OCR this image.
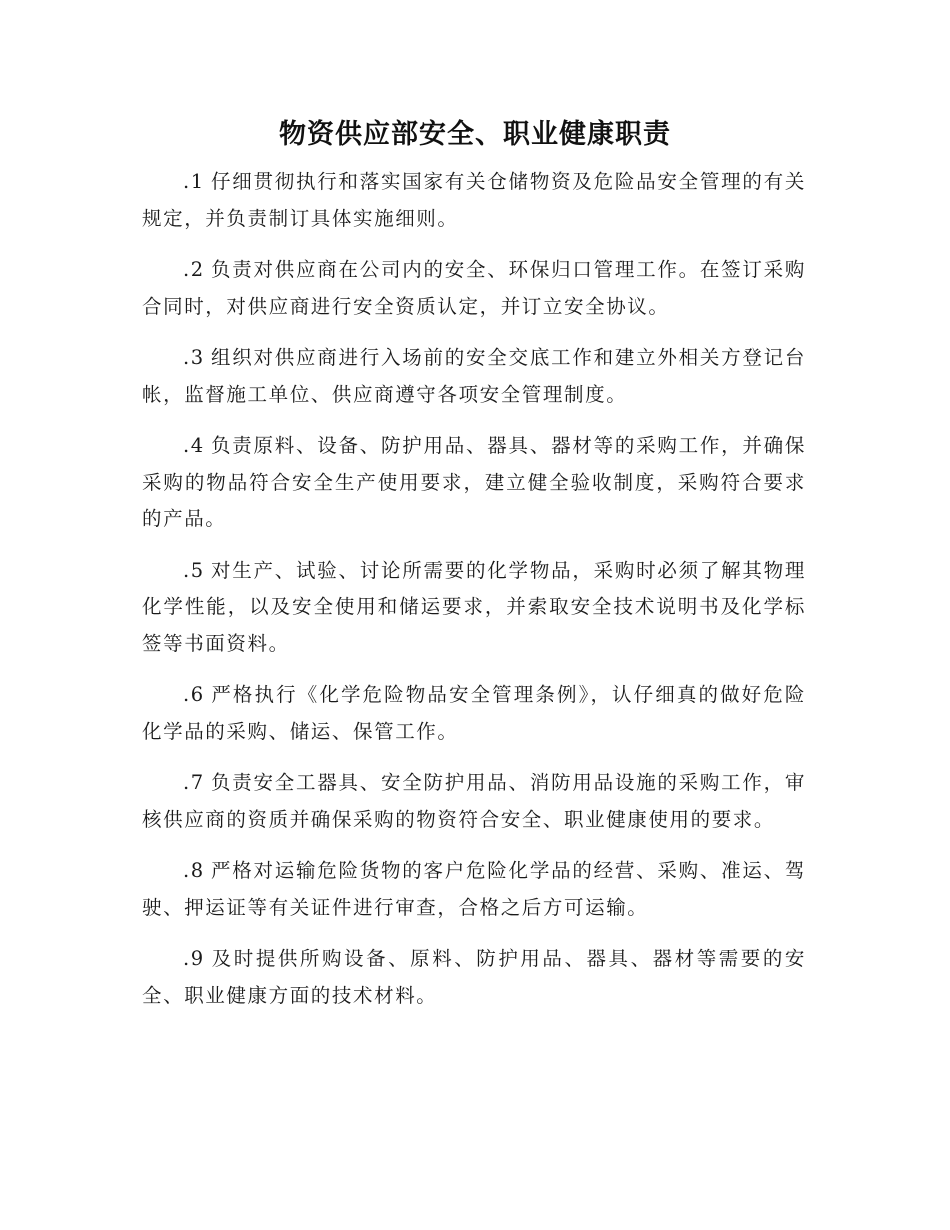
物资供应部安全、职业健康职责

.1 仔细贯彻执行和落实国家有关仓储物资及危险品安全管理的有关规定，并负责制订具体实施细则。

.2 负责对供应商在公司内的安全、环保归口管理工作。在签订采购合同时，对供应商进行安全资质认定，并订立安全协议。

.3 组织对供应商进行入场前的安全交底工作和建立外相关方登记台帐，监督施工单位、供应商遵守各项安全管理制度。

.4 负责原料、设备、防护用品、器具、器材等的采购工作，并确保采购的物品符合安全生产使用要求，建立健全验收制度，采购符合要求的产品。

.5 对生产、试验、讨论所需要的化学物品，采购时必须了解其物理化学性能，以及安全使用和储运要求，并索取安全技术说明书及化学标签等书面资料。

.6 严格执行《化学危险物品安全管理条例》，认仔细真的做好危险化学品的采购、储运、保管工作。

.7 负责安全工器具、安全防护用品、消防用品设施的采购工作，审核供应商的资质并确保采购的物资符合安全、职业健康使用的要求。

.8 严格对运输危险货物的客户危险化学品的经营、采购、准运、驾驶、押运证等有关证件进行审查，合格之后方可运输。

.9 及时提供所购设备、原料、防护用品、器具、器材等需要的安全、职业健康方面的技术材料。
